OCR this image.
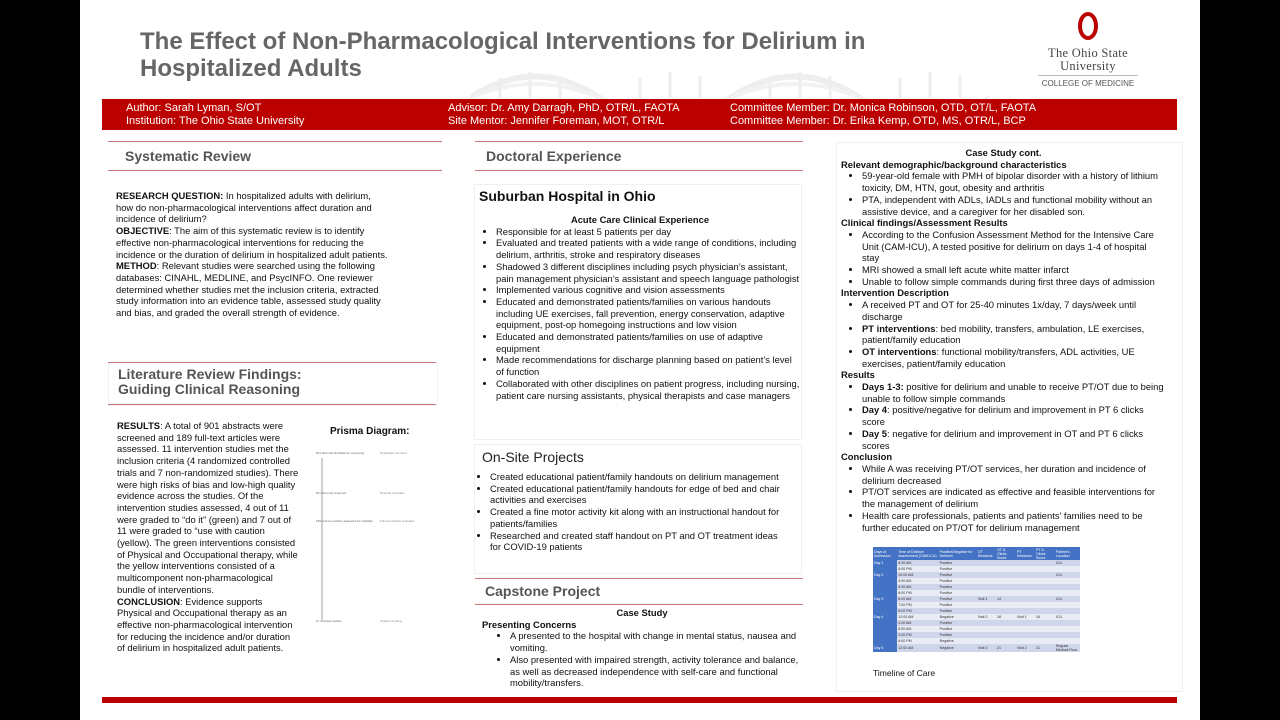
The Effect of Non-Pharmacological Interventions for Delirium in Hospitalized Adults
The Ohio State University
COLLEGE OF MEDICINE
Author: Sarah Lyman, S/OT
Institution: The Ohio State University
Advisor: Dr. Amy Darragh, PhD, OTR/L, FAOTA
Site Mentor: Jennifer Foreman, MOT, OTR/L
Committee Member: Dr. Monica Robinson, OTD, OT/L, FAOTA
Committee Member: Dr. Erika Kemp, OTD, MS, OTR/L, BCP
Systematic Review
RESEARCH QUESTION: In hospitalized adults with delirium, how do non-pharmacological interventions affect duration and incidence of delirium?
OBJECTIVE: The aim of this systematic review is to identify effective non-pharmacological interventions for reducing the incidence or the duration of delirium in hospitalized adult patients.
METHOD: Relevant studies were searched using the following databases: CINAHL, MEDLINE, and PsycINFO. One reviewer determined whether studies met the inclusion criteria, extracted study information into an evidence table, assessed study quality and bias, and graded the overall strength of evidence.
Literature Review Findings:
Guiding Clinical Reasoning
RESULTS: A total of 901 abstracts were screened and 189 full-text articles were assessed. 11 intervention studies met the inclusion criteria (4 randomized controlled trials and 7 non-randomized studies). There were high risks of bias and low-high quality evidence across the studies. Of the intervention studies assessed, 4 out of 11 were graded to “do it” (green) and 7 out of 11 were graded to “use with caution (yellow). The green interventions consisted of Physical and Occupational therapy, while the yellow interventions consisted of a multicomponent non-pharmacological bundle of interventions.
CONCLUSION: Evidence supports Physical and Occupational therapy as an effective non-pharmacological intervention for reducing the incidence and/or duration of delirium in hospitalized adult patients.
Prisma Diagram:
901 Records identified for screening	Duplicates removed
901 Records screened	Records excluded
189 Full-text articles assessed for eligibility Full-text articles excluded
11 Included studies	Studies ongoing
Doctoral Experience
Suburban Hospital in Ohio
Acute Care Clinical Experience
• Responsible for at least 5 patients per day
• Evaluated and treated patients with a wide range of conditions, including delirium, arthritis, stroke and respiratory diseases
• Shadowed 3 different disciplines including psych physician’s assistant, pain management physician’s assistant and speech language pathologist
• Implemented various cognitive and vision assessments
• Educated and demonstrated patients/families on various handouts including UE exercises, fall prevention, energy conservation, adaptive equipment, post-op homegoing instructions and low vision
• Educated and demonstrated patients/families on use of adaptive equipment
• Made recommendations for discharge planning based on patient’s level of function
• Collaborated with other disciplines on patient progress, including nursing, patient care nursing assistants, physical therapists and case managers
On-Site Projects
• Created educational patient/family handouts on delirium management
• Created educational patient/family handouts for edge of bed and chair activities and exercises
• Created a fine motor activity kit along with an instructional handout for patients/families
• Researched and created staff handout on PT and OT treatment ideas for COVID-19 patients
Capstone Project
Case Study
Presenting Concerns
• A presented to the hospital with change in mental status, nausea and vomiting.
• Also presented with impaired strength, activity tolerance and balance, as well as decreased independence with self-care and functional mobility/transfers.
Case Study cont.
Relevant demographic/background characteristics
• 59-year-old female with PMH of bipolar disorder with a history of lithium toxicity, DM, HTN, gout, obesity and arthritis
• PTA, independent with ADLs, IADLs and functional mobility without an assistive device, and a caregiver for her disabled son.
Clinical findings/Assessment Results
• According to the Confusion Assessment Method for the Intensive Care Unit (CAM-ICU), A tested positive for delirium on days 1-4 of hospital stay
• MRI showed a small left acute white matter infarct
• Unable to follow simple commands during first three days of admission
Intervention Description
• A received PT and OT for 25-40 minutes 1x/day, 7 days/week until discharge
• PT interventions: bed mobility, transfers, ambulation, LE exercises, patient/family education
• OT interventions: functional mobility/transfers, ADL activities, UE exercises, patient/family education
Results
• Days 1-3: positive for delirium and unable to receive PT/OT due to being unable to follow simple commands
• Day 4: positive/negative for delirium and improvement in PT 6 clicks score
• Day 5: negative for delirium and improvement in OT and PT 6 clicks scores
Conclusion
• While A was receiving PT/OT services, her duration and incidence of delirium decreased
• PT/OT services are indicated as effective and feasible interventions for the management of delirium
• Health care professionals, patients and patients’ families need to be further educated on PT/OT for delirium management
Days of Admission	Time of Delirium Assessment (CAM-ICU)	Positive/Negative for Delirium	OT Sessions	OT 6-Clicks Score	PT Sessions	PT 6-Clicks Score	Patient’s Location
Day 1	8:30 AM	Positive					ICU
	8:00 PM	Positive					
Day 2	12:00 AM	Positive					ICU
	4:00 AM	Positive					
	8:00 AM	Positive					
	8:00 PM	Positive					
Day 3	8:00 AM	Positive	Visit 1	14			ICU
	7:00 PM	Positive					
	8:00 PM	Positive					
Day 4	12:00 AM	Negative	Visit 2	18	Visit 1	16	ICU
	4:00 AM	Positive					
	8:00 AM	Positive					
	2:00 PM	Positive					
	8:00 PM	Negative					
Day 5	12:00 AM	Negative	Visit 3	21	Visit 2	21	Regular Medical Floor
Timeline of Care
